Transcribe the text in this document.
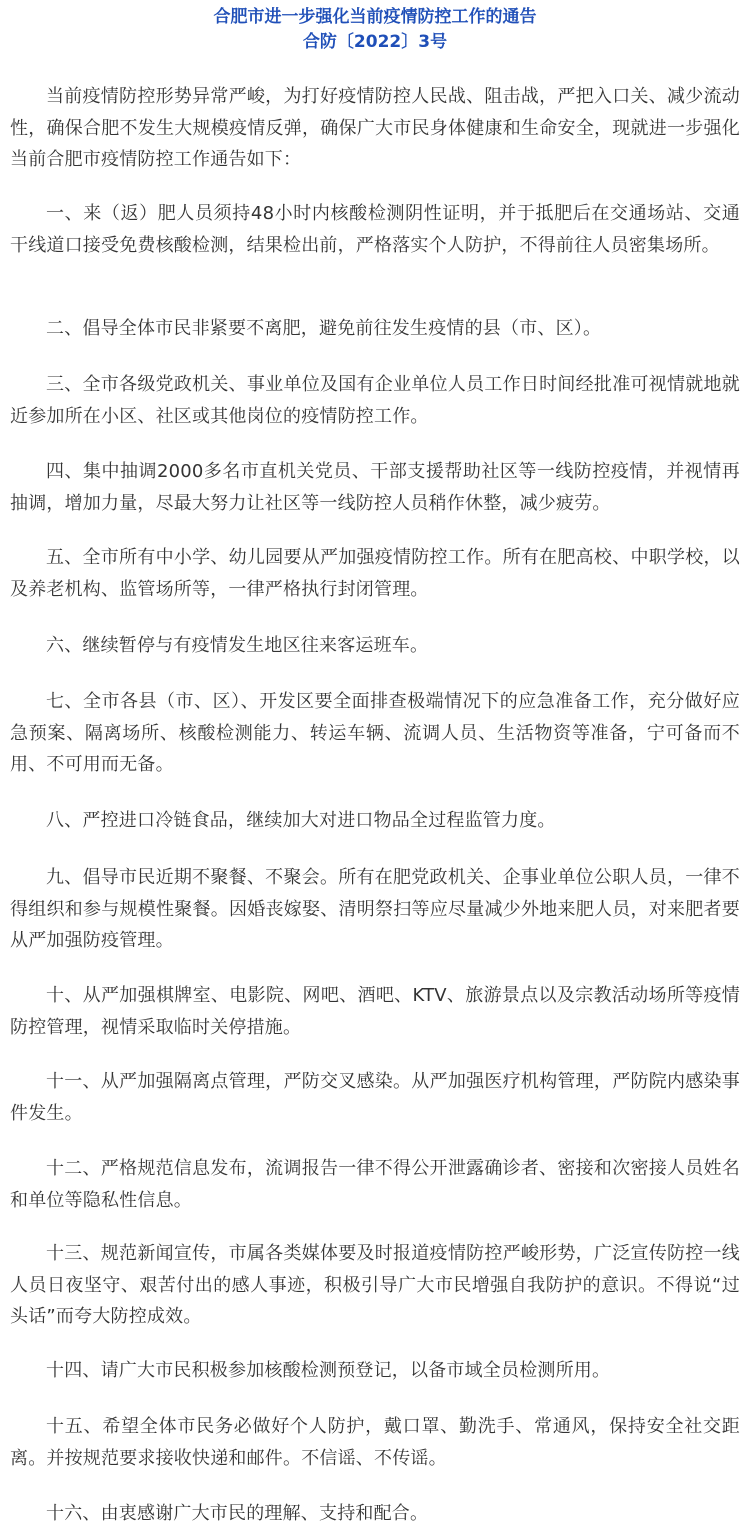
合肥市进一步强化当前疫情防控工作的通告
合防〔2022〕3号
当前疫情防控形势异常严峻，为打好疫情防控人民战、阻击战，严把入口关、减少流动性，确保合肥不发生大规模疫情反弹，确保广大市民身体健康和生命安全，现就进一步强化当前合肥市疫情防控工作通告如下：
一、来（返）肥人员须持48小时内核酸检测阴性证明，并于抵肥后在交通场站、交通干线道口接受免费核酸检测，结果检出前，严格落实个人防护，不得前往人员密集场所。
二、倡导全体市民非紧要不离肥，避免前往发生疫情的县（市、区）。
三、全市各级党政机关、事业单位及国有企业单位人员工作日时间经批准可视情就地就近参加所在小区、社区或其他岗位的疫情防控工作。
四、集中抽调2000多名市直机关党员、干部支援帮助社区等一线防控疫情，并视情再抽调，增加力量，尽最大努力让社区等一线防控人员稍作休整，减少疲劳。
五、全市所有中小学、幼儿园要从严加强疫情防控工作。所有在肥高校、中职学校，以及养老机构、监管场所等，一律严格执行封闭管理。
六、继续暂停与有疫情发生地区往来客运班车。
七、全市各县（市、区）、开发区要全面排查极端情况下的应急准备工作，充分做好应急预案、隔离场所、核酸检测能力、转运车辆、流调人员、生活物资等准备，宁可备而不用、不可用而无备。
八、严控进口冷链食品，继续加大对进口物品全过程监管力度。
九、倡导市民近期不聚餐、不聚会。所有在肥党政机关、企事业单位公职人员，一律不得组织和参与规模性聚餐。因婚丧嫁娶、清明祭扫等应尽量减少外地来肥人员，对来肥者要从严加强防疫管理。
十、从严加强棋牌室、电影院、网吧、酒吧、KTV、旅游景点以及宗教活动场所等疫情防控管理，视情采取临时关停措施。
十一、从严加强隔离点管理，严防交叉感染。从严加强医疗机构管理，严防院内感染事件发生。
十二、严格规范信息发布，流调报告一律不得公开泄露确诊者、密接和次密接人员姓名和单位等隐私性信息。
十三、规范新闻宣传，市属各类媒体要及时报道疫情防控严峻形势，广泛宣传防控一线人员日夜坚守、艰苦付出的感人事迹，积极引导广大市民增强自我防护的意识。不得说“过头话”而夸大防控成效。
十四、请广大市民积极参加核酸检测预登记，以备市域全员检测所用。
十五、希望全体市民务必做好个人防护，戴口罩、勤洗手、常通风，保持安全社交距离。并按规范要求接收快递和邮件。不信谣、不传谣。
十六、由衷感谢广大市民的理解、支持和配合。
